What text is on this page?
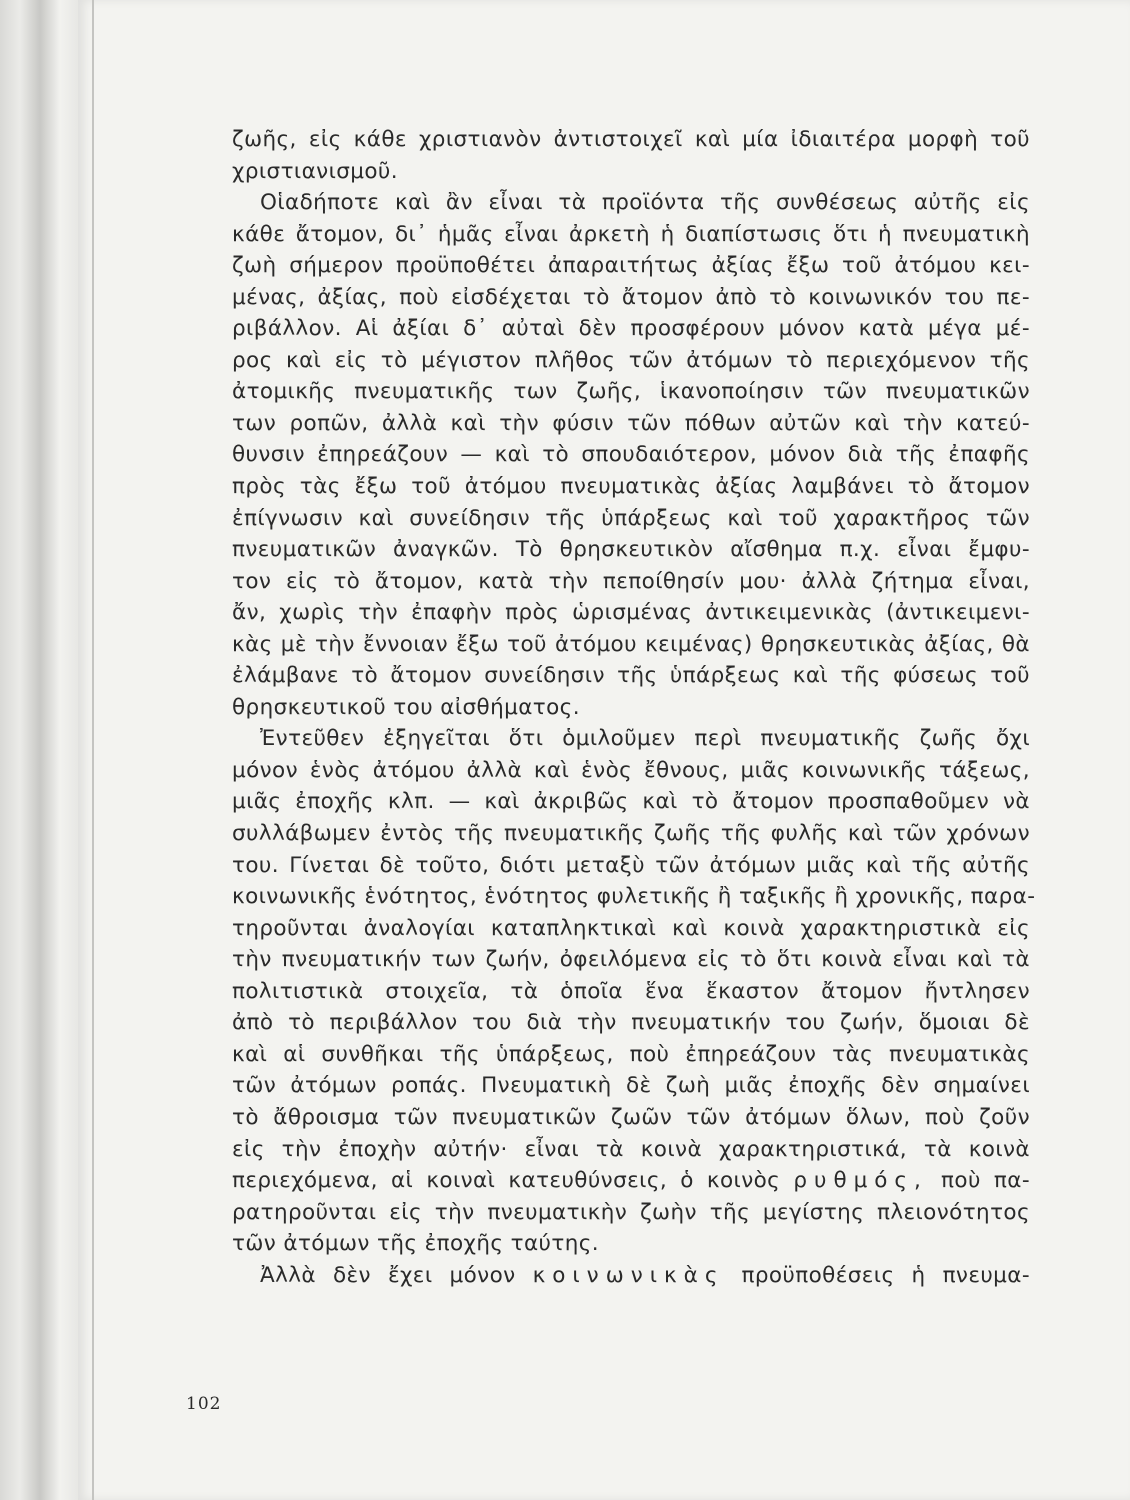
ζωῆς, εἰς κάθε χριστιανὸν ἀντιστοιχεῖ καὶ μία ἰδιαιτέρα μορφὴ τοῦ
χριστιανισμοῦ.
Οἱαδήποτε καὶ ἂν εἶναι τὰ προϊόντα τῆς συνθέσεως αὐτῆς εἰς
κάθε ἄτομον, δι᾽ ἡμᾶς εἶναι ἀρκετὴ ἡ διαπίστωσις ὅτι ἡ πνευματικὴ
ζωὴ σήμερον προϋποθέτει ἀπαραιτήτως ἀξίας ἔξω τοῦ ἀτόμου κει-
μένας, ἀξίας, ποὺ εἰσδέχεται τὸ ἄτομον ἀπὸ τὸ κοινωνικόν του πε-
ριβάλλον. Αἱ ἀξίαι δ᾽ αὐταὶ δὲν προσφέρουν μόνον κατὰ μέγα μέ-
ρος καὶ εἰς τὸ μέγιστον πλῆθος τῶν ἀτόμων τὸ περιεχόμενον τῆς
ἀτομικῆς πνευματικῆς των ζωῆς, ἱκανοποίησιν τῶν πνευματικῶν
των ροπῶν, ἀλλὰ καὶ τὴν φύσιν τῶν πόθων αὐτῶν καὶ τὴν κατεύ-
θυνσιν ἐπηρεάζουν — καὶ τὸ σπουδαιότερον, μόνον διὰ τῆς ἐπαφῆς
πρὸς τὰς ἔξω τοῦ ἀτόμου πνευματικὰς ἀξίας λαμβάνει τὸ ἄτομον
ἐπίγνωσιν καὶ συνείδησιν τῆς ὑπάρξεως καὶ τοῦ χαρακτῆρος τῶν
πνευματικῶν ἀναγκῶν. Τὸ θρησκευτικὸν αἴσθημα π.χ. εἶναι ἔμφυ-
τον εἰς τὸ ἄτομον, κατὰ τὴν πεποίθησίν μου· ἀλλὰ ζήτημα εἶναι,
ἄν, χωρὶς τὴν ἐπαφὴν πρὸς ὡρισμένας ἀντικειμενικὰς (ἀντικειμενι-
κὰς μὲ τὴν ἔννοιαν ἔξω τοῦ ἀτόμου κειμένας) θρησκευτικὰς ἀξίας, θὰ
ἐλάμβανε τὸ ἄτομον συνείδησιν τῆς ὑπάρξεως καὶ τῆς φύσεως τοῦ
θρησκευτικοῦ του αἰσθήματος.
Ἐντεῦθεν ἐξηγεῖται ὅτι ὁμιλοῦμεν περὶ πνευματικῆς ζωῆς ὄχι
μόνον ἑνὸς ἀτόμου ἀλλὰ καὶ ἑνὸς ἔθνους, μιᾶς κοινωνικῆς τάξεως,
μιᾶς ἐποχῆς κλπ. — καὶ ἀκριβῶς καὶ τὸ ἄτομον προσπαθοῦμεν νὰ
συλλάβωμεν ἐντὸς τῆς πνευματικῆς ζωῆς τῆς φυλῆς καὶ τῶν χρόνων
του. Γίνεται δὲ τοῦτο, διότι μεταξὺ τῶν ἀτόμων μιᾶς καὶ τῆς αὐτῆς
κοινωνικῆς ἑνότητος, ἑνότητος φυλετικῆς ἢ ταξικῆς ἢ χρονικῆς, παρα-
τηροῦνται ἀναλογίαι καταπληκτικαὶ καὶ κοινὰ χαρακτηριστικὰ εἰς
τὴν πνευματικήν των ζωήν, ὀφειλόμενα εἰς τὸ ὅτι κοινὰ εἶναι καὶ τὰ
πολιτιστικὰ στοιχεῖα, τὰ ὁποῖα ἕνα ἕκαστον ἄτομον ἤντλησεν
ἀπὸ τὸ περιβάλλον του διὰ τὴν πνευματικήν του ζωήν, ὅμοιαι δὲ
καὶ αἱ συνθῆκαι τῆς ὑπάρξεως, ποὺ ἐπηρεάζουν τὰς πνευματικὰς
τῶν ἀτόμων ροπάς. Πνευματικὴ δὲ ζωὴ μιᾶς ἐποχῆς δὲν σημαίνει
τὸ ἄθροισμα τῶν πνευματικῶν ζωῶν τῶν ἀτόμων ὅλων, ποὺ ζοῦν
εἰς τὴν ἐποχὴν αὐτήν· εἶναι τὰ κοινὰ χαρακτηριστικά, τὰ κοινὰ
περιεχόμενα, αἱ κοιναὶ κατευθύνσεις, ὁ κοινὸς ρυθμός, ποὺ πα-
ρατηροῦνται εἰς τὴν πνευματικὴν ζωὴν τῆς μεγίστης πλειονότητος
τῶν ἀτόμων τῆς ἐποχῆς ταύτης.
Ἀλλὰ δὲν ἔχει μόνον κοινωνικὰς προϋποθέσεις ἡ πνευμα-
102
